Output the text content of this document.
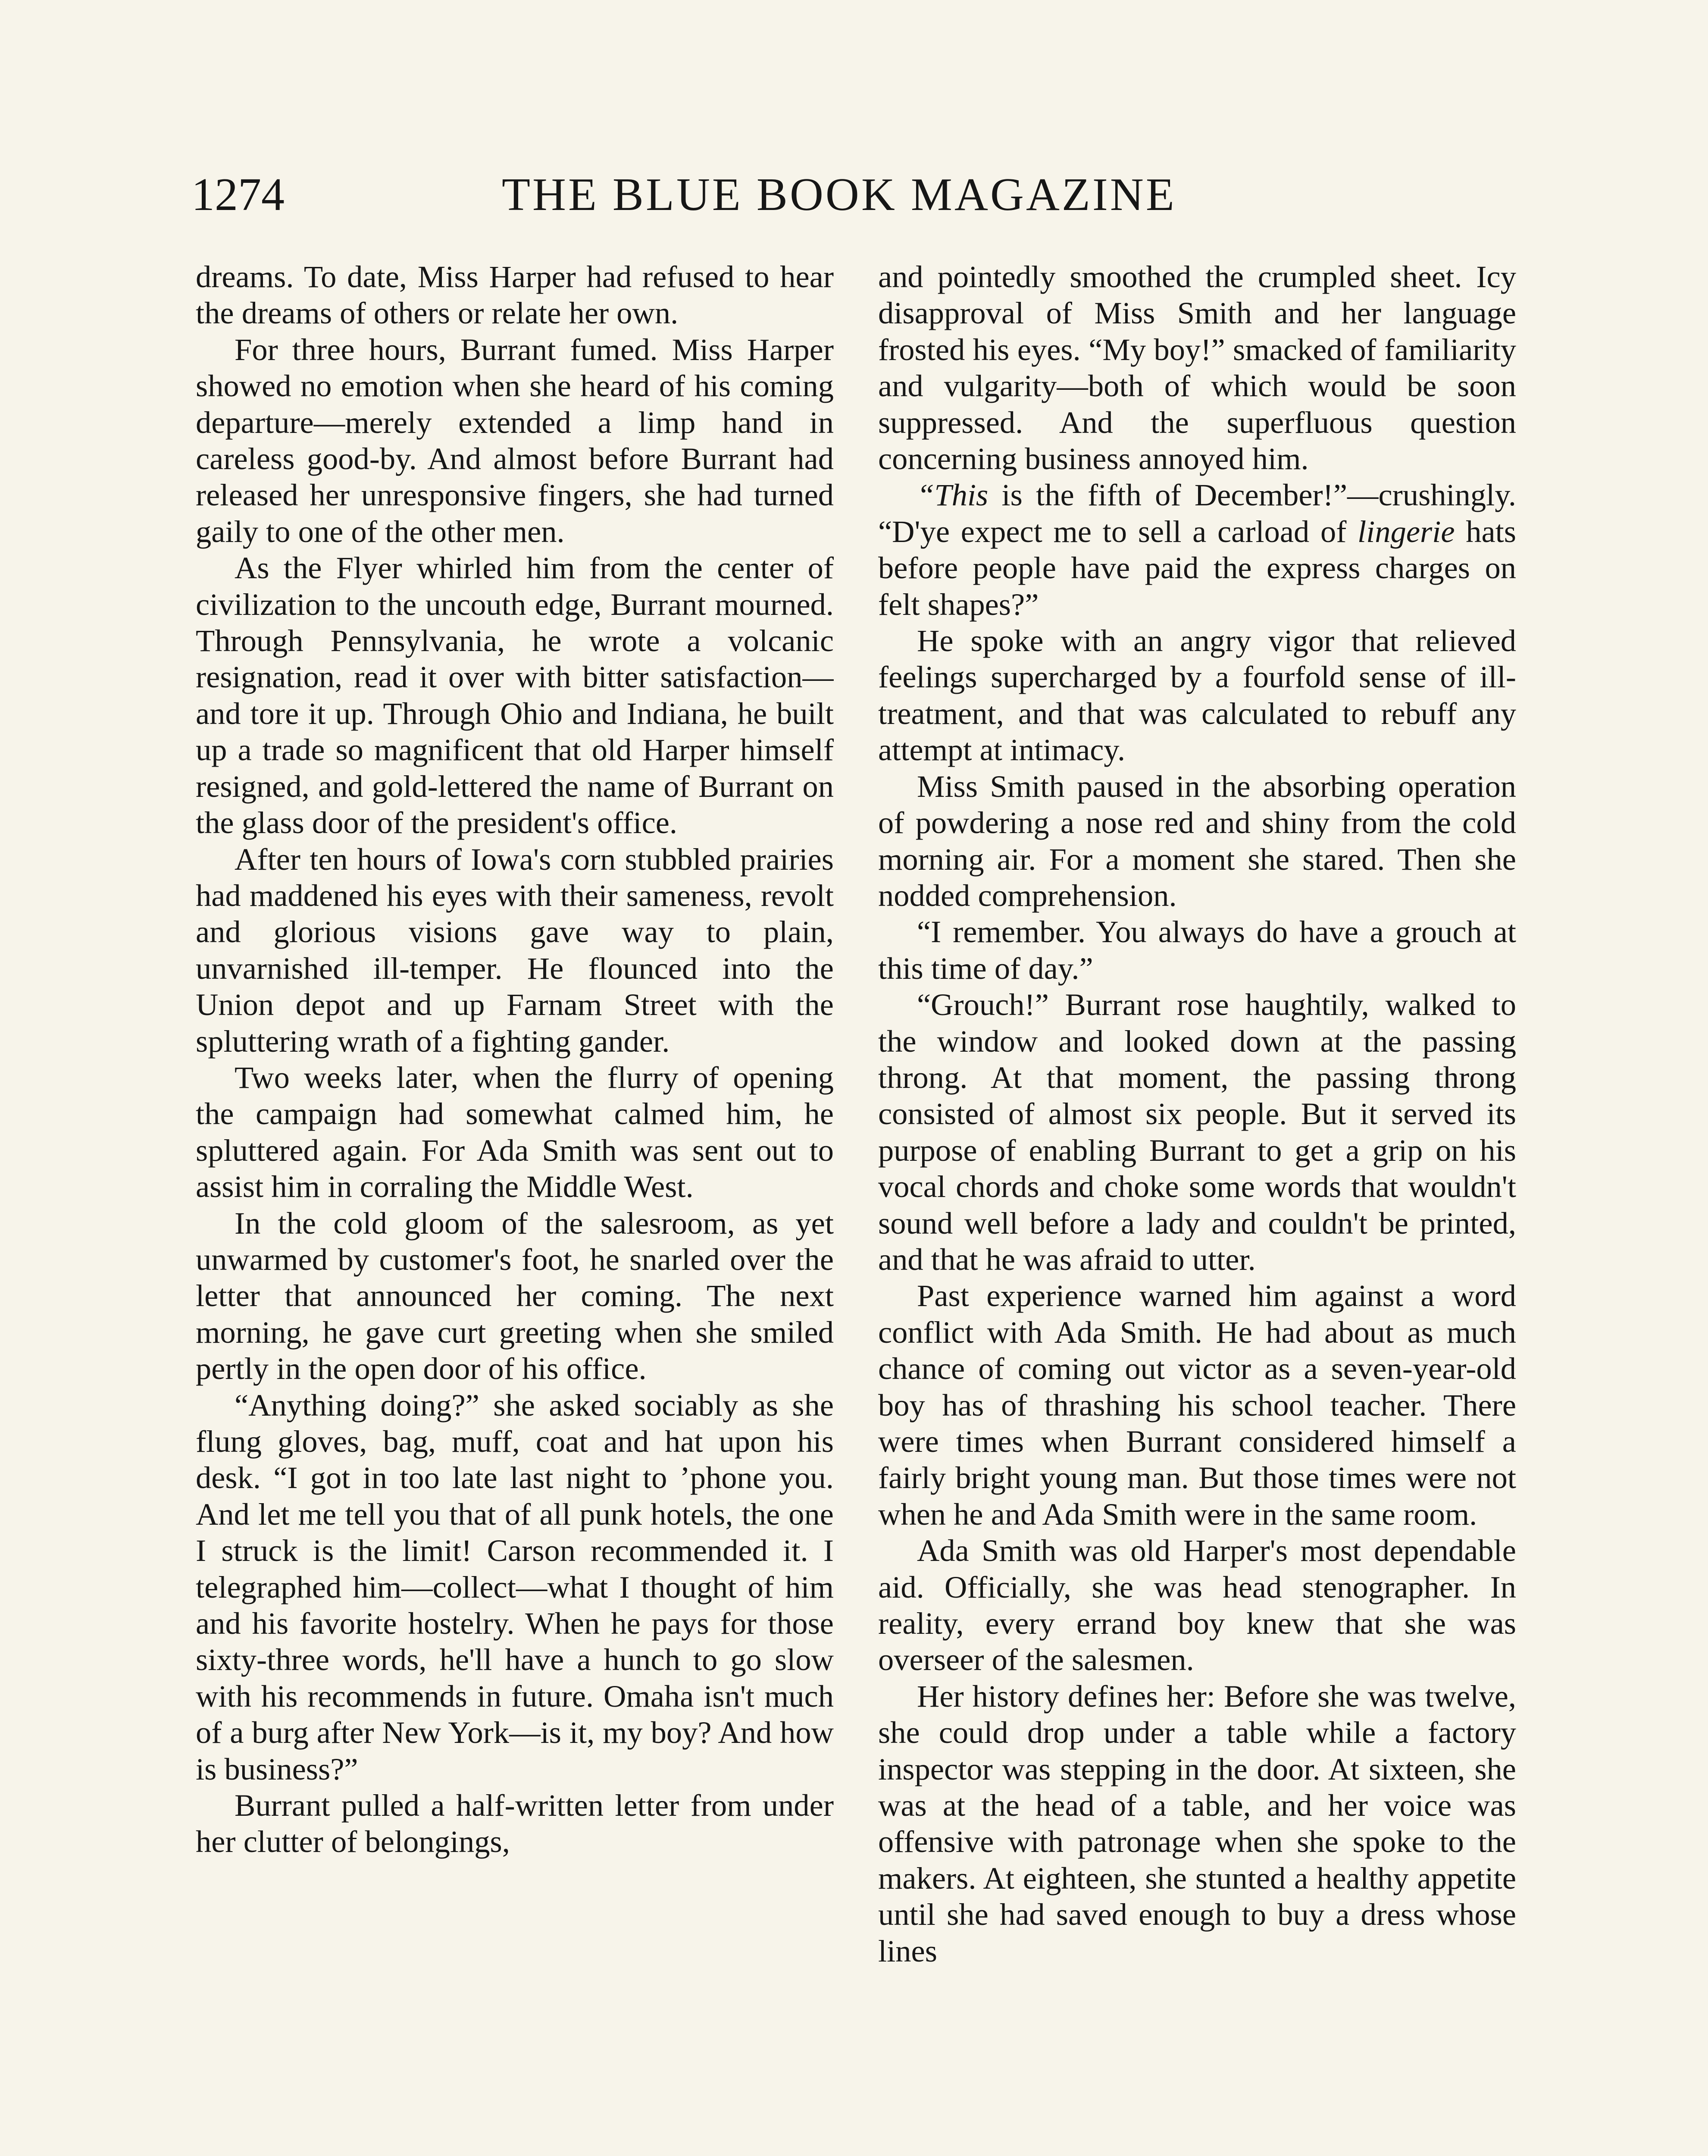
1274	THE BLUE BOOK MAGAZINE

dreams. To date, Miss Harper had refused to hear the dreams of others or relate her own.

For three hours, Burrant fumed. Miss Harper showed no emotion when she heard of his coming departure—merely extended a limp hand in careless good-by. And almost before Burrant had released her unresponsive fingers, she had turned gaily to one of the other men.

As the Flyer whirled him from the center of civilization to the uncouth edge, Burrant mourned. Through Pennsylvania, he wrote a volcanic resignation, read it over with bitter satisfaction—and tore it up. Through Ohio and Indiana, he built up a trade so magnificent that old Harper himself resigned, and gold-lettered the name of Burrant on the glass door of the president's office.

After ten hours of Iowa's corn stubbled prairies had maddened his eyes with their sameness, revolt and glorious visions gave way to plain, unvarnished ill-temper. He flounced into the Union depot and up Farnam Street with the spluttering wrath of a fighting gander.

Two weeks later, when the flurry of opening the campaign had somewhat calmed him, he spluttered again. For Ada Smith was sent out to assist him in corraling the Middle West.

In the cold gloom of the salesroom, as yet unwarmed by customer's foot, he snarled over the letter that announced her coming. The next morning, he gave curt greeting when she smiled pertly in the open door of his office.

“Anything doing?” she asked sociably as she flung gloves, bag, muff, coat and hat upon his desk. “I got in too late last night to ’phone you. And let me tell you that of all punk hotels, the one I struck is the limit! Carson recommended it. I telegraphed him—collect—what I thought of him and his favorite hostelry. When he pays for those sixty-three words, he'll have a hunch to go slow with his recommends in future. Omaha isn't much of a burg after New York—is it, my boy? And how is business?”

Burrant pulled a half-written letter from under her clutter of belongings,

and pointedly smoothed the crumpled sheet. Icy disapproval of Miss Smith and her language frosted his eyes. “My boy!” smacked of familiarity and vulgarity—both of which would be soon suppressed. And the superfluous question concerning business annoyed him.

“This is the fifth of December!”—crushingly. “D'ye expect me to sell a carload of lingerie hats before people have paid the express charges on felt shapes?”

He spoke with an angry vigor that relieved feelings supercharged by a fourfold sense of ill-treatment, and that was calculated to rebuff any attempt at intimacy.

Miss Smith paused in the absorbing operation of powdering a nose red and shiny from the cold morning air. For a moment she stared. Then she nodded comprehension.

“I remember. You always do have a grouch at this time of day.”

“Grouch!” Burrant rose haughtily, walked to the window and looked down at the passing throng. At that moment, the passing throng consisted of almost six people. But it served its purpose of enabling Burrant to get a grip on his vocal chords and choke some words that wouldn't sound well before a lady and couldn't be printed, and that he was afraid to utter.

Past experience warned him against a word conflict with Ada Smith. He had about as much chance of coming out victor as a seven-year-old boy has of thrashing his school teacher. There were times when Burrant considered himself a fairly bright young man. But those times were not when he and Ada Smith were in the same room.

Ada Smith was old Harper's most dependable aid. Officially, she was head stenographer. In reality, every errand boy knew that she was overseer of the salesmen.

Her history defines her: Before she was twelve, she could drop under a table while a factory inspector was stepping in the door. At sixteen, she was at the head of a table, and her voice was offensive with patronage when she spoke to the makers. At eighteen, she stunted a healthy appetite until she had saved enough to buy a dress whose lines
